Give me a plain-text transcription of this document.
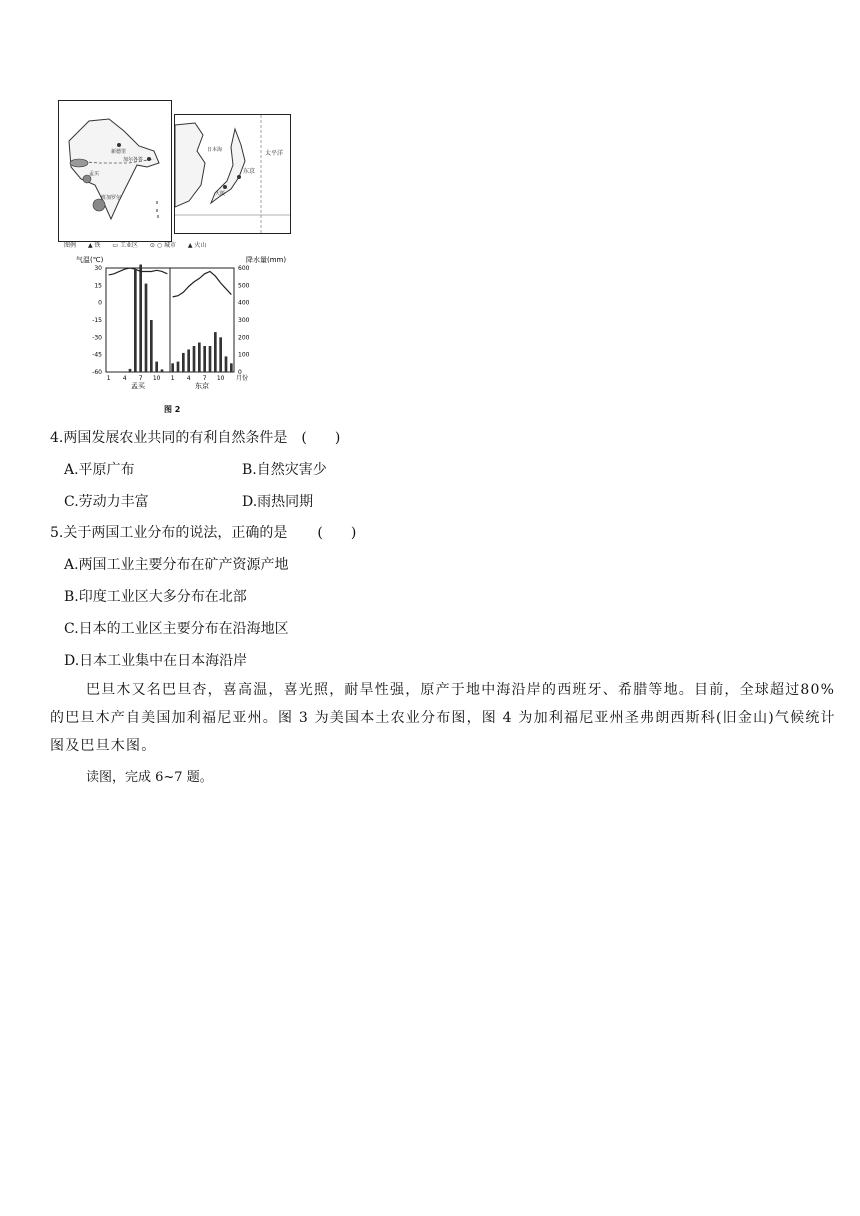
新德里
加尔各答
孟买
班加罗尔
东京
大阪
太平洋
日本海
图例 ▲ 铁 ▭ 工业区 ⊙ ○ 城市 ▲ 火山
气温(℃)	降水量(mm)
30
15
0
-15
-30
-45
-60
600
500
400
300
200
100
0
1 4 7 10 1 4 7 10 月份
孟买	东京
图 2
4.两国发展农业共同的有利自然条件是 (　　)
A.平原广布	B.自然灾害少
C.劳动力丰富	D.雨热同期
5.关于两国工业分布的说法，正确的是 (　　)
A.两国工业主要分布在矿产资源产地
B.印度工业区大多分布在北部
C.日本的工业区主要分布在沿海地区
D.日本工业集中在日本海沿岸
巴旦木又名巴旦杏，喜高温，喜光照，耐旱性强，原产于地中海沿岸的西班牙、希腊等地。目前，全球超过80%的巴旦木产自美国加利福尼亚州。图 3 为美国本土农业分布图，图 4 为加利福尼亚州圣弗朗西斯科(旧金山)气候统计图及巴旦木图。
读图，完成 6~7 题。
